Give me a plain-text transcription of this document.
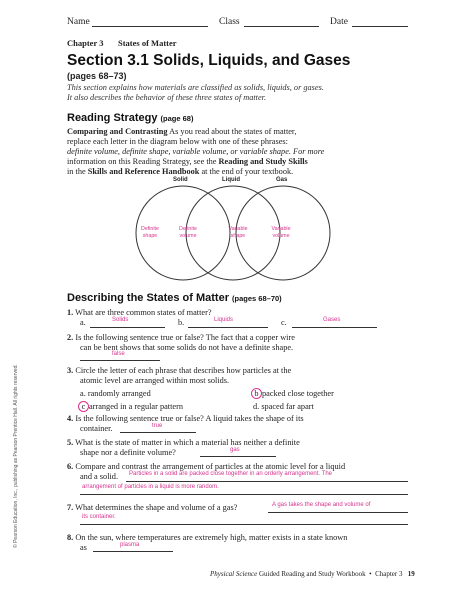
Name	Class	Date
Chapter 3 States of Matter
Section 3.1 Solids, Liquids, and Gases
(pages 68–73)
This section explains how materials are classified as solids, liquids, or gases.
It also describes the behavior of these three states of matter.
Reading Strategy (page 68)
Comparing and Contrasting As you read about the states of matter,
replace each letter in the diagram below with one of these phrases:
definite volume, definite shape, variable volume, or variable shape. For more
information on this Reading Strategy, see the Reading and Study Skills
in the Skills and Reference Handbook at the end of your textbook.
Solid	Liquid	Gas
Definite
shape
Definite
volume
Variable
shape
Variable
volume
Describing the States of Matter (pages 68–70)
1. What are three common states of matter?
a.	Solids	b.	Liquids	c.	Gases
2. Is the following sentence true or false? The fact that a copper wire
can be bent shows that some solids do not have a definite shape.
false
3. Circle the letter of each phrase that describes how particles at the
atomic level are arranged within most solids.
a. randomly arranged	b packed close together
c arranged in a regular pattern	d. spaced far apart
4. Is the following sentence true or false? A liquid takes the shape of its
container.	true
5. What is the state of matter in which a material has neither a definite
shape nor a definite volume?	gas
6. Compare and contrast the arrangement of particles at the atomic level for a liquid
and a solid. Particles in a solid are packed close together in an orderly arrangement. The
arrangement of particles in a liquid is more random.
7. What determines the shape and volume of a gas?	A gas takes the shape and volume of
its container.
8. On the sun, where temperatures are extremely high, matter exists in a state known
as	plasma
Physical Science Guided Reading and Study Workbook  •  Chapter 3 19
© Pearson Education, Inc., publishing as Pearson Prentice Hall. All rights reserved.
